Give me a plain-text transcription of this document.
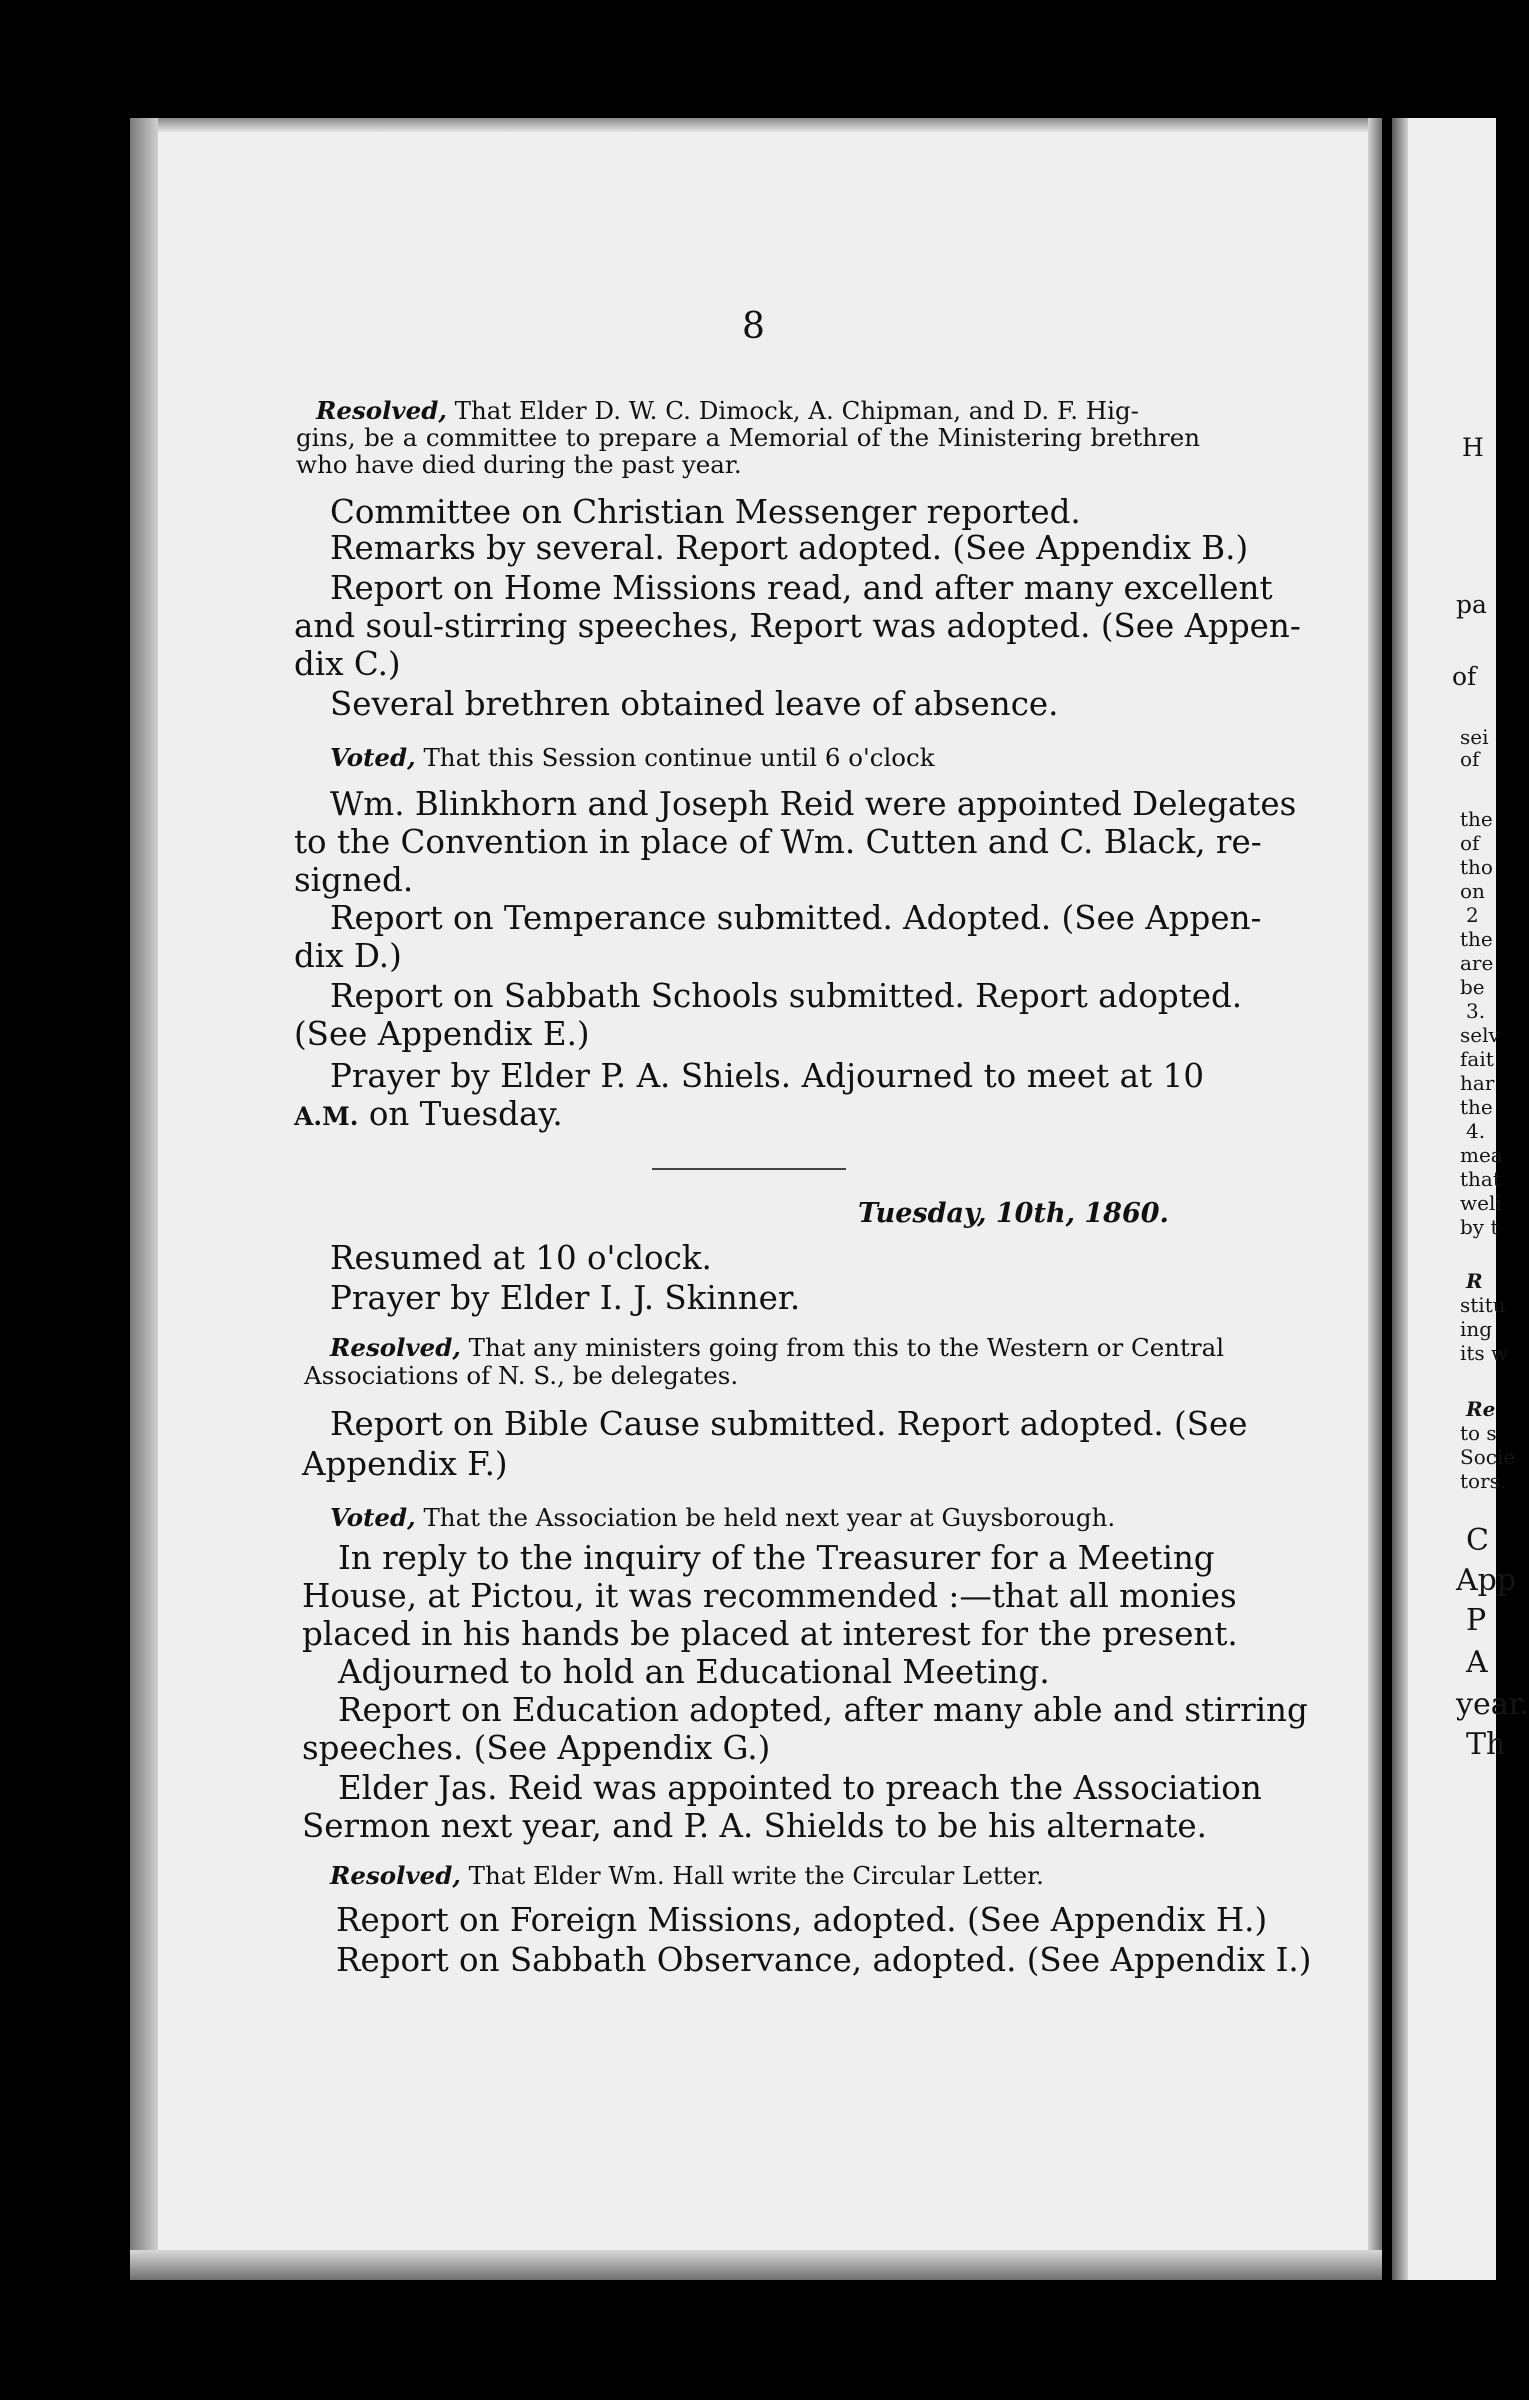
8
Resolved, That Elder D. W. C. Dimock, A. Chipman, and D. F. Hig-
gins, be a committee to prepare a Memorial of the Ministering brethren
who have died during the past year.
Committee on Christian Messenger reported.
Remarks by several. Report adopted. (See Appendix B.)
Report on Home Missions read, and after many excellent
and soul-stirring speeches, Report was adopted. (See Appen-
dix C.)
Several brethren obtained leave of absence.
Voted, That this Session continue until 6 o'clock
Wm. Blinkhorn and Joseph Reid were appointed Delegates
to the Convention in place of Wm. Cutten and C. Black, re-
signed.
Report on Temperance submitted. Adopted. (See Appen-
dix D.)
Report on Sabbath Schools submitted. Report adopted.
(See Appendix E.)
Prayer by Elder P. A. Shiels. Adjourned to meet at 10
A.M. on Tuesday.
Tuesday, 10th, 1860.
Resumed at 10 o'clock.
Prayer by Elder I. J. Skinner.
Resolved, That any ministers going from this to the Western or Central
Associations of N. S., be delegates.
Report on Bible Cause submitted. Report adopted. (See
Appendix F.)
Voted, That the Association be held next year at Guysborough.
In reply to the inquiry of the Treasurer for a Meeting
House, at Pictou, it was recommended :—that all monies
placed in his hands be placed at interest for the present.
Adjourned to hold an Educational Meeting.
Report on Education adopted, after many able and stirring
speeches. (See Appendix G.)
Elder Jas. Reid was appointed to preach the Association
Sermon next year, and P. A. Shields to be his alternate.
Resolved, That Elder Wm. Hall write the Circular Letter.
Report on Foreign Missions, adopted. (See Appendix H.)
Report on Sabbath Observance, adopted. (See Appendix I.)
H
pa
of
sei
of
the
of
tho
on
2
the
are
be
3.
selv
fait
har
the
4.
mea
that
weli
by t
R
stitu
ing
its w
Re
to s
Socie
tors.
C
App
P
A
year.
Th
